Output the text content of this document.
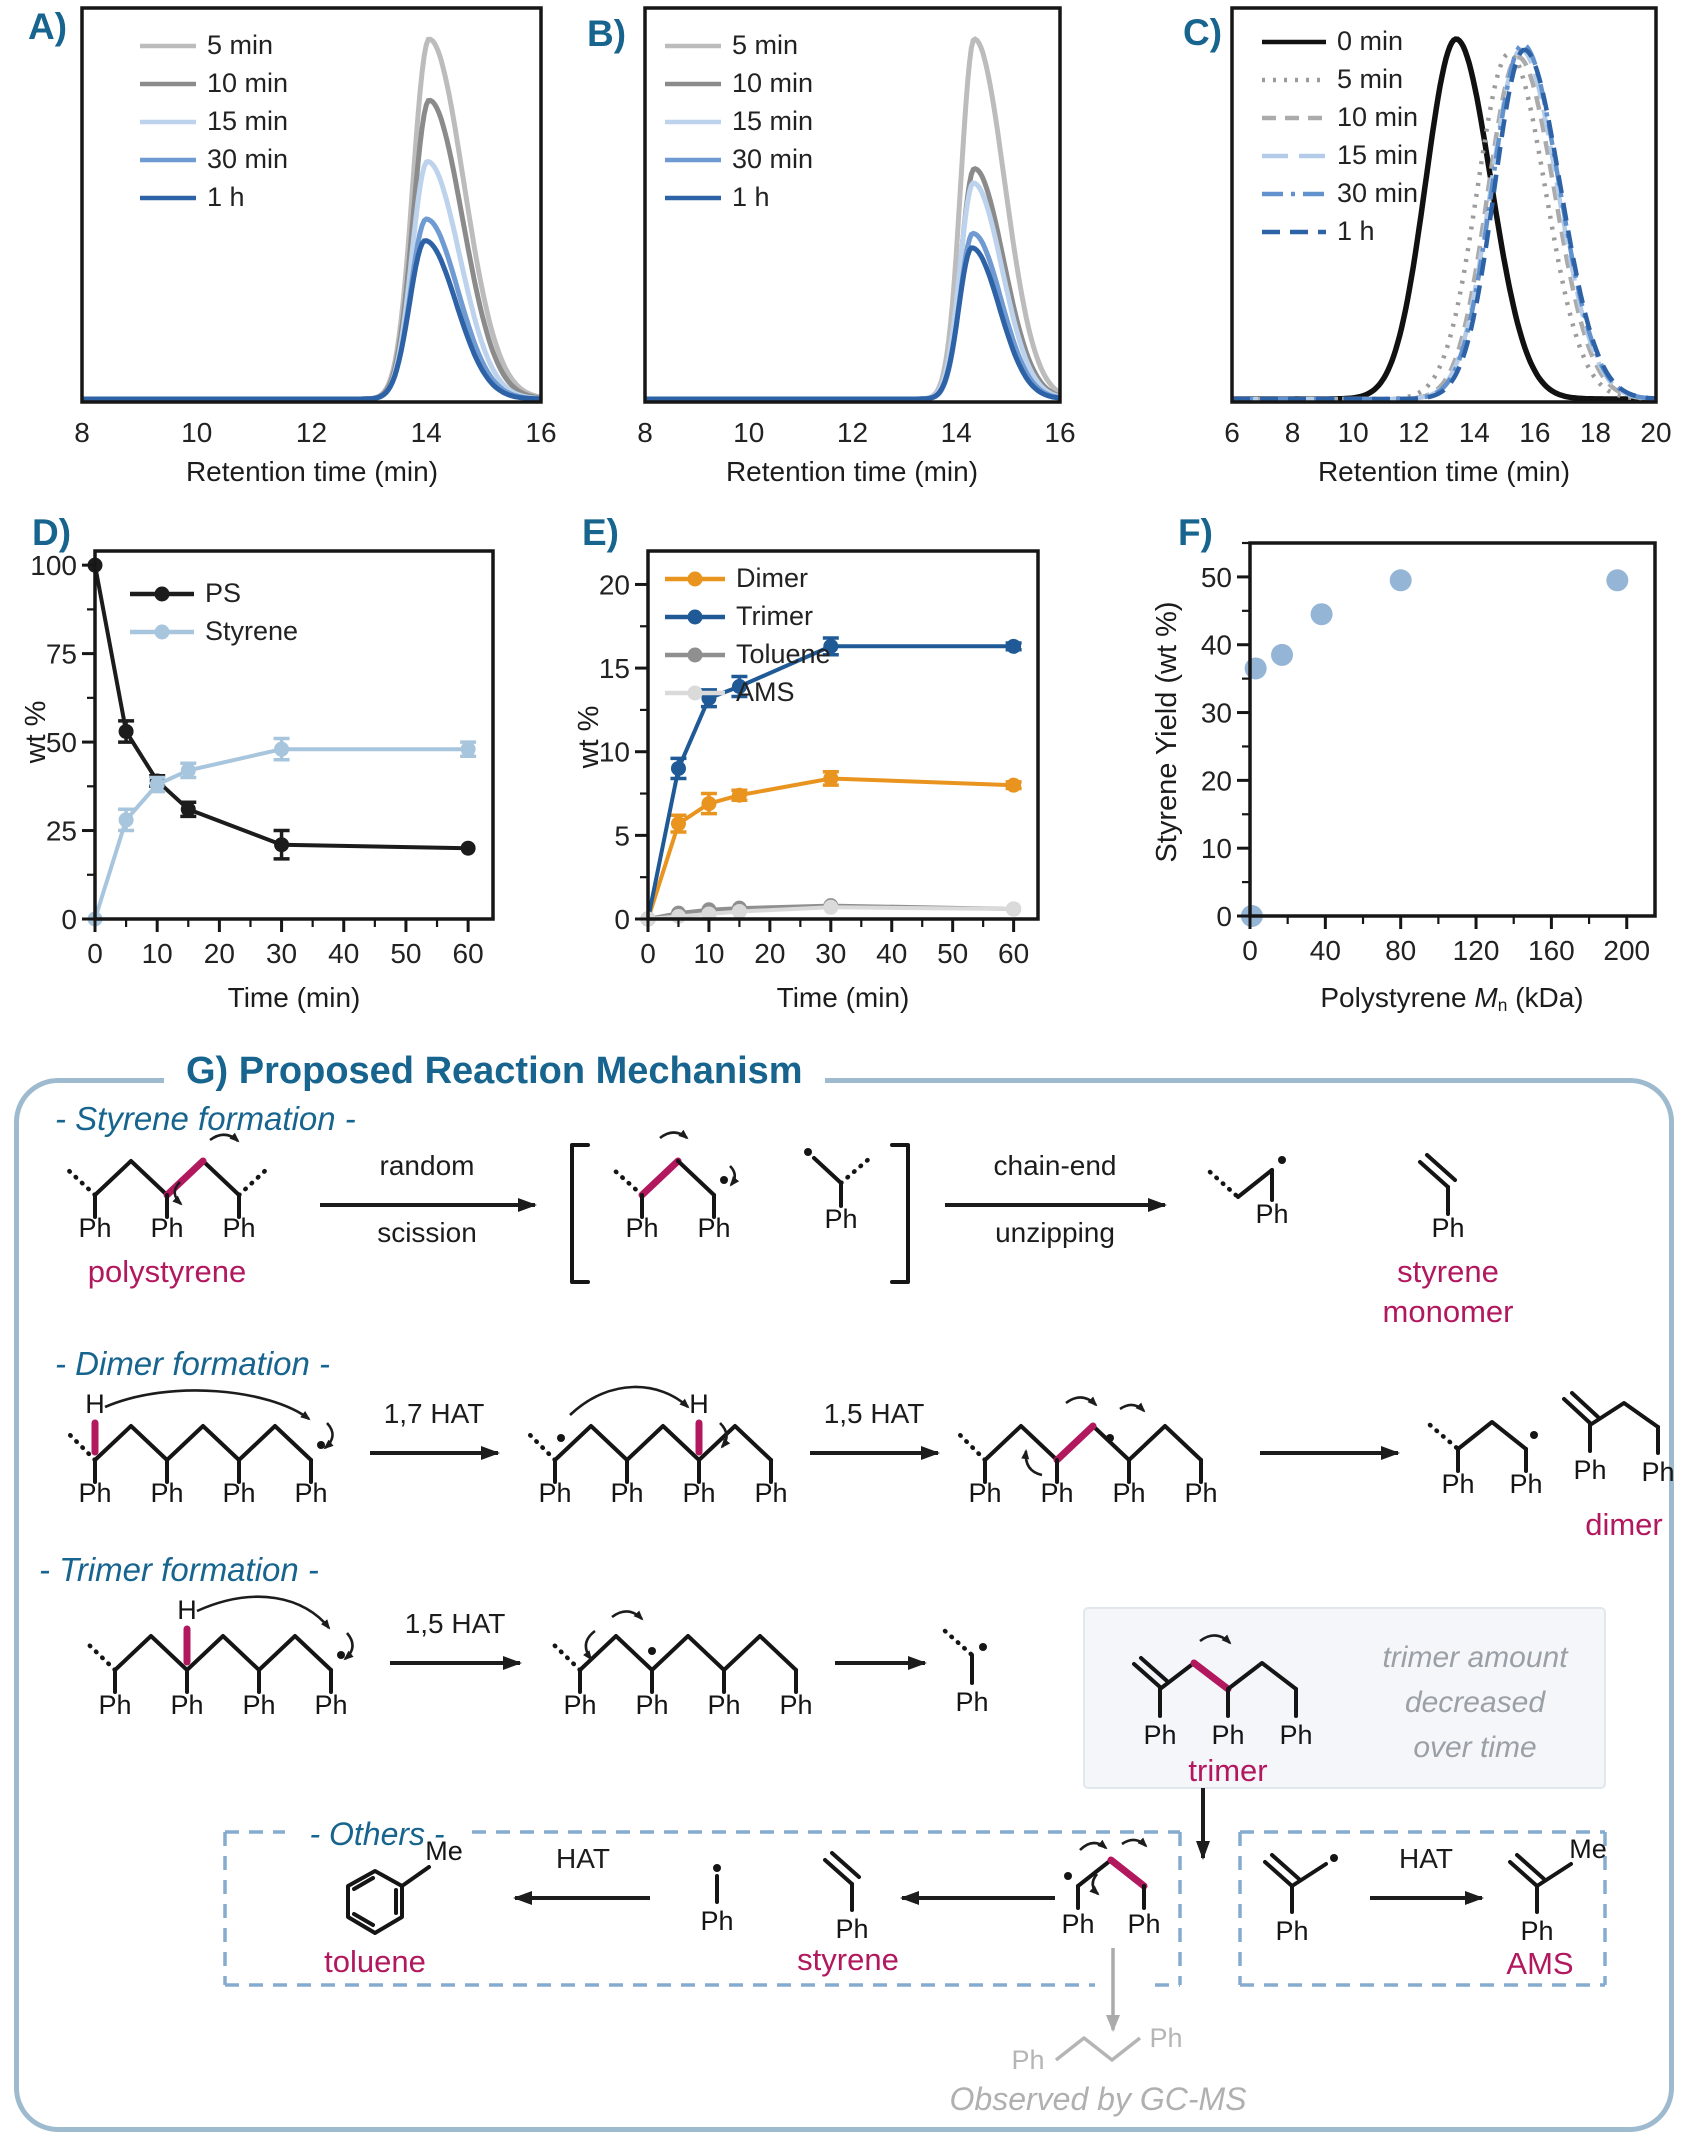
A)
8	10	12	14	16
5 min
10 min
15 min
30 min
1 h
Retention time (min)
B)
8	10	12	14	16
5 min
10 min
15 min
30 min
1 h
Retention time (min)
C)
6 8 10 12 14 16 18 20
0 min
5 min
10 min
15 min
30 min
1 h
Retention time (min)
D)
0 10 20 30 40 50 60
0
25
50
75
100
PS
Styrene
wt %
Time (min)
E)
0 10 20 30 40 50 60
0
5
10
15
20	Dimer
Trimer
Toluene
AMS
wt %
Time (min)
F)
0 40 80 120 160 200
0
10
20
30
40
50
Styrene Yield (wt %)
Polystyrene Mn (kDa)
G) Proposed Reaction Mechanism
- Styrene formation -
Ph Ph Ph
polystyrene
random
scission	Ph Ph	Ph
chain-end
unzipping
Ph	Ph
styrene
monomer
- Dimer formation -
H
Ph Ph Ph Ph
1,7 HAT	H
Ph Ph Ph Ph
1,5 HAT
Ph Ph Ph Ph	Ph Ph Ph Ph
dimer
- Trimer formation -
H
Ph Ph Ph Ph
1,5 HAT
Ph Ph Ph Ph	Ph
trimer amount
decreased
over time
Ph Ph Ph
trimer
- Others -
Me
toluene
HAT
Ph	Ph
styrene
Ph Ph	Ph
HAT	Me
Ph
AMS
Ph
Ph
Observed by GC-MS
